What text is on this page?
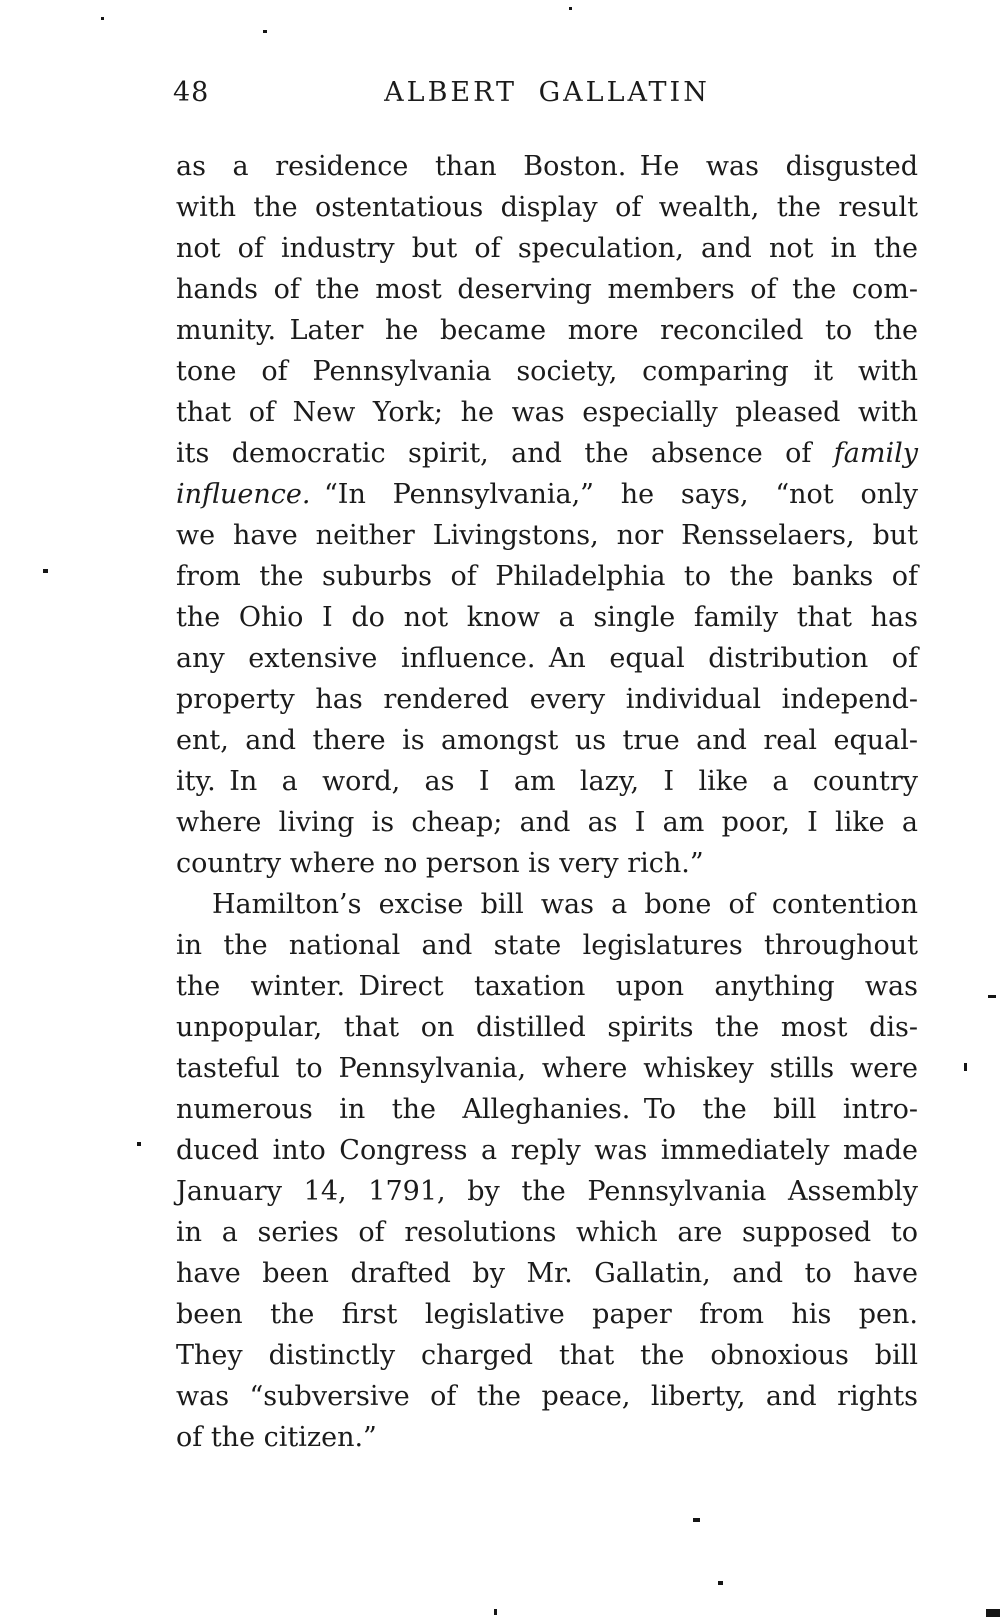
48	ALBERT GALLATIN
as a residence than Boston. He was disgusted
with the ostentatious display of wealth, the result
not of industry but of speculation, and not in the
hands of the most deserving members of the com-
munity. Later he became more reconciled to the
tone of Pennsylvania society, comparing it with
that of New York; he was especially pleased with
its democratic spirit, and the absence of family
influence. “In Pennsylvania,” he says, “not only
we have neither Livingstons, nor Rensselaers, but
from the suburbs of Philadelphia to the banks of
the Ohio I do not know a single family that has
any extensive influence. An equal distribution of
property has rendered every individual independ-
ent, and there is amongst us true and real equal-
ity. In a word, as I am lazy, I like a country
where living is cheap; and as I am poor, I like a
country where no person is very rich.”
Hamilton’s excise bill was a bone of contention
in the national and state legislatures throughout
the winter. Direct taxation upon anything was
unpopular, that on distilled spirits the most dis-
tasteful to Pennsylvania, where whiskey stills were
numerous in the Alleghanies. To the bill intro-
duced into Congress a reply was immediately made
January 14, 1791, by the Pennsylvania Assembly
in a series of resolutions which are supposed to
have been drafted by Mr. Gallatin, and to have
been the first legislative paper from his pen.
They distinctly charged that the obnoxious bill
was “subversive of the peace, liberty, and rights
of the citizen.”
